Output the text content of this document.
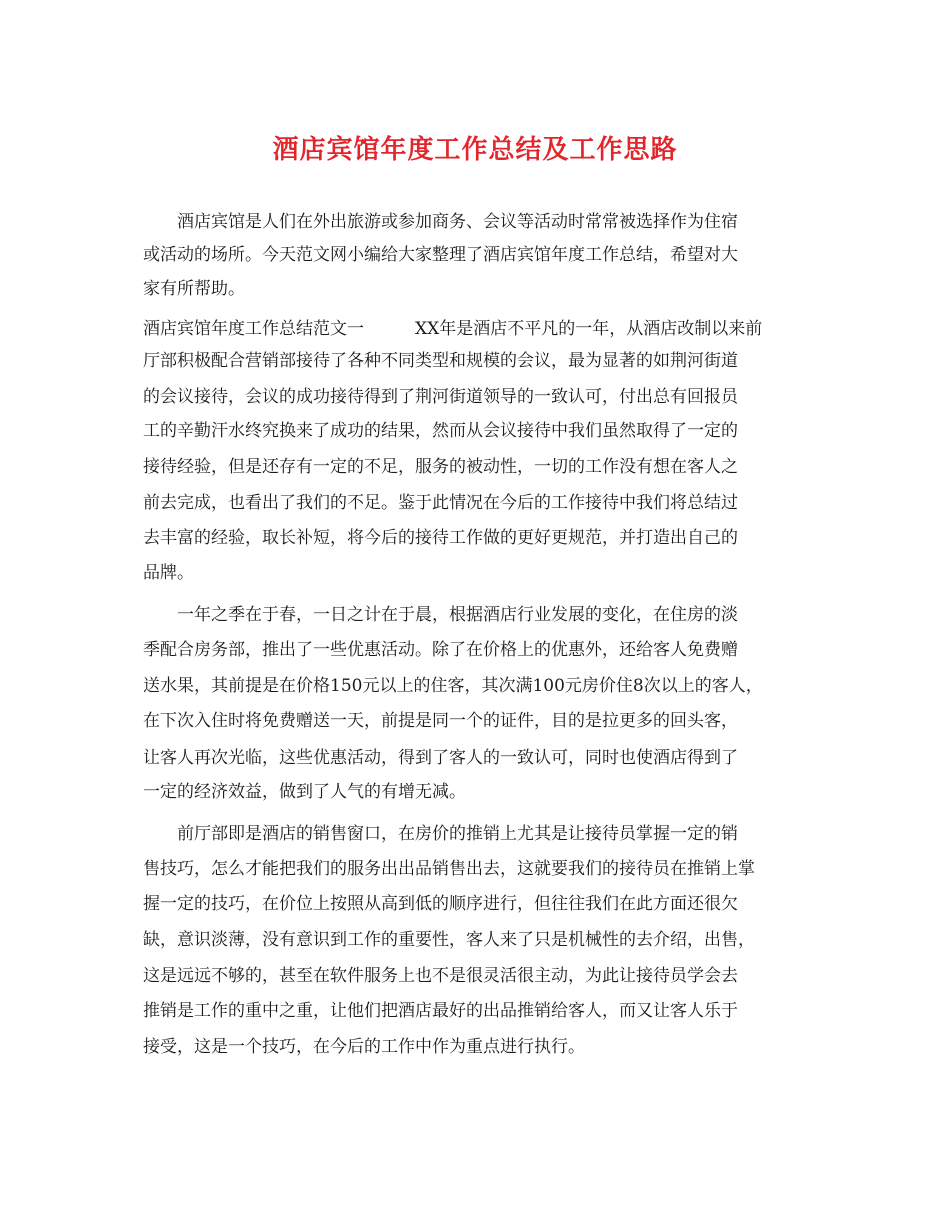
酒店宾馆年度工作总结及工作思路
　　酒店宾馆是人们在外出旅游或参加商务、会议等活动时常常被选择作为住宿
或活动的场所。今天范文网小编给大家整理了酒店宾馆年度工作总结，希望对大
家有所帮助。
酒店宾馆年度工作总结范文一　　　XX年是酒店不平凡的一年，从酒店改制以来前
厅部积极配合营销部接待了各种不同类型和规模的会议，最为显著的如荆河街道
的会议接待，会议的成功接待得到了荆河街道领导的一致认可，付出总有回报员
工的辛勤汗水终究换来了成功的结果，然而从会议接待中我们虽然取得了一定的
接待经验，但是还存有一定的不足，服务的被动性，一切的工作没有想在客人之
前去完成，也看出了我们的不足。鉴于此情况在今后的工作接待中我们将总结过
去丰富的经验，取长补短，将今后的接待工作做的更好更规范，并打造出自己的
品牌。
　　一年之季在于春，一日之计在于晨，根据酒店行业发展的变化，在住房的淡
季配合房务部，推出了一些优惠活动。除了在价格上的优惠外，还给客人免费赠
送水果，其前提是在价格150元以上的住客，其次满100元房价住8次以上的客人，
在下次入住时将免费赠送一天，前提是同一个的证件，目的是拉更多的回头客，
让客人再次光临，这些优惠活动，得到了客人的一致认可，同时也使酒店得到了
一定的经济效益，做到了人气的有增无减。
　　前厅部即是酒店的销售窗口，在房价的推销上尤其是让接待员掌握一定的销
售技巧，怎么才能把我们的服务出出品销售出去，这就要我们的接待员在推销上掌
握一定的技巧，在价位上按照从高到低的顺序进行，但往往我们在此方面还很欠
缺，意识淡薄，没有意识到工作的重要性，客人来了只是机械性的去介绍，出售，
这是远远不够的，甚至在软件服务上也不是很灵活很主动，为此让接待员学会去
推销是工作的重中之重，让他们把酒店最好的出品推销给客人，而又让客人乐于
接受，这是一个技巧，在今后的工作中作为重点进行执行。
